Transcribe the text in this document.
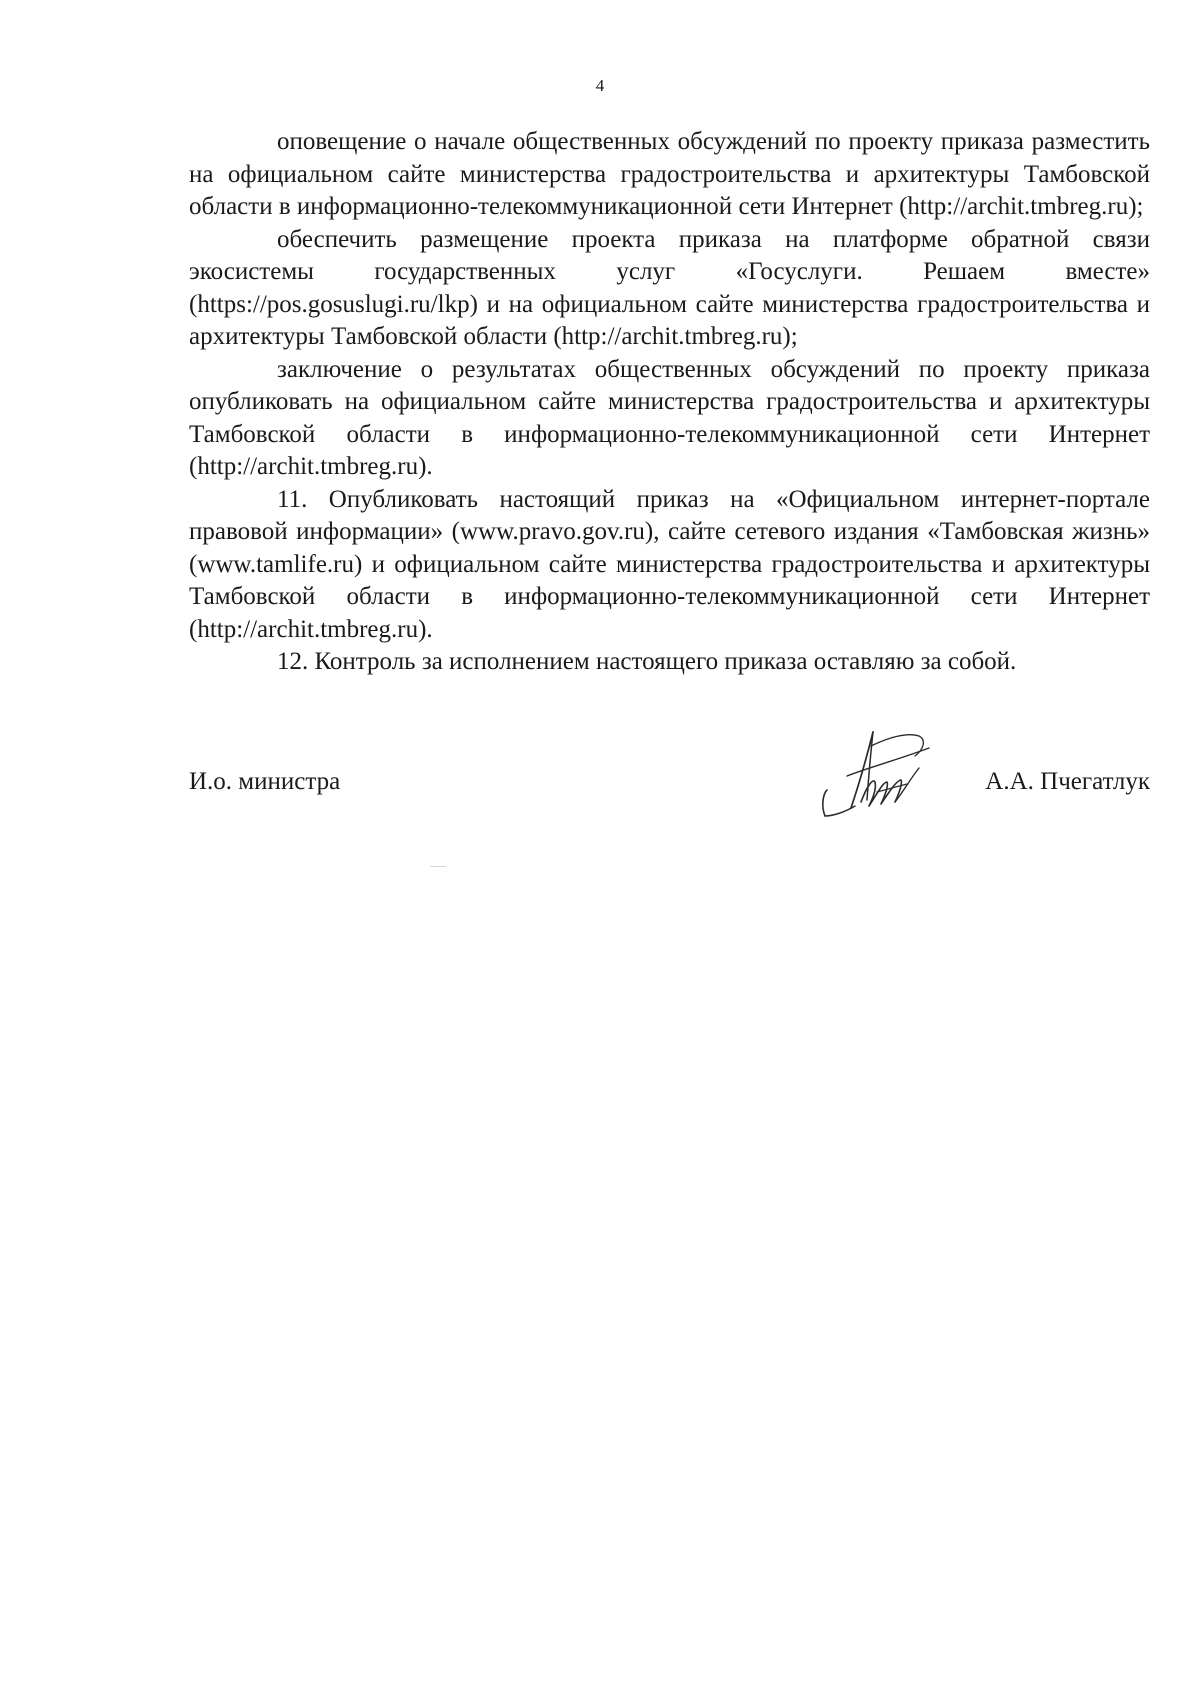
4

оповещение о начале общественных обсуждений по проекту приказа разместить на официальном сайте министерства градостроительства и архитектуры Тамбовской области в информационно-телекоммуникационной сети Интернет (http://archit.tmbreg.ru);

обеспечить размещение проекта приказа на платформе обратной связи экосистемы государственных услуг «Госуслуги. Решаем вместе» (https://pos.gosuslugi.ru/lkp) и на официальном сайте министерства градостроительства и архитектуры Тамбовской области (http://archit.tmbreg.ru);

заключение о результатах общественных обсуждений по проекту приказа опубликовать на официальном сайте министерства градостроительства и архитектуры Тамбовской области в информационно-телекоммуникационной сети Интернет (http://archit.tmbreg.ru).

11. Опубликовать настоящий приказ на «Официальном интернет-портале правовой информации» (www.pravo.gov.ru), сайте сетевого издания «Тамбовская жизнь» (www.tamlife.ru) и официальном сайте министерства градостроительства и архитектуры Тамбовской области в информационно-телекоммуникационной сети Интернет (http://archit.tmbreg.ru).

12. Контроль за исполнением настоящего приказа оставляю за собой.

И.о. министра	А.А. Пчегатлук
